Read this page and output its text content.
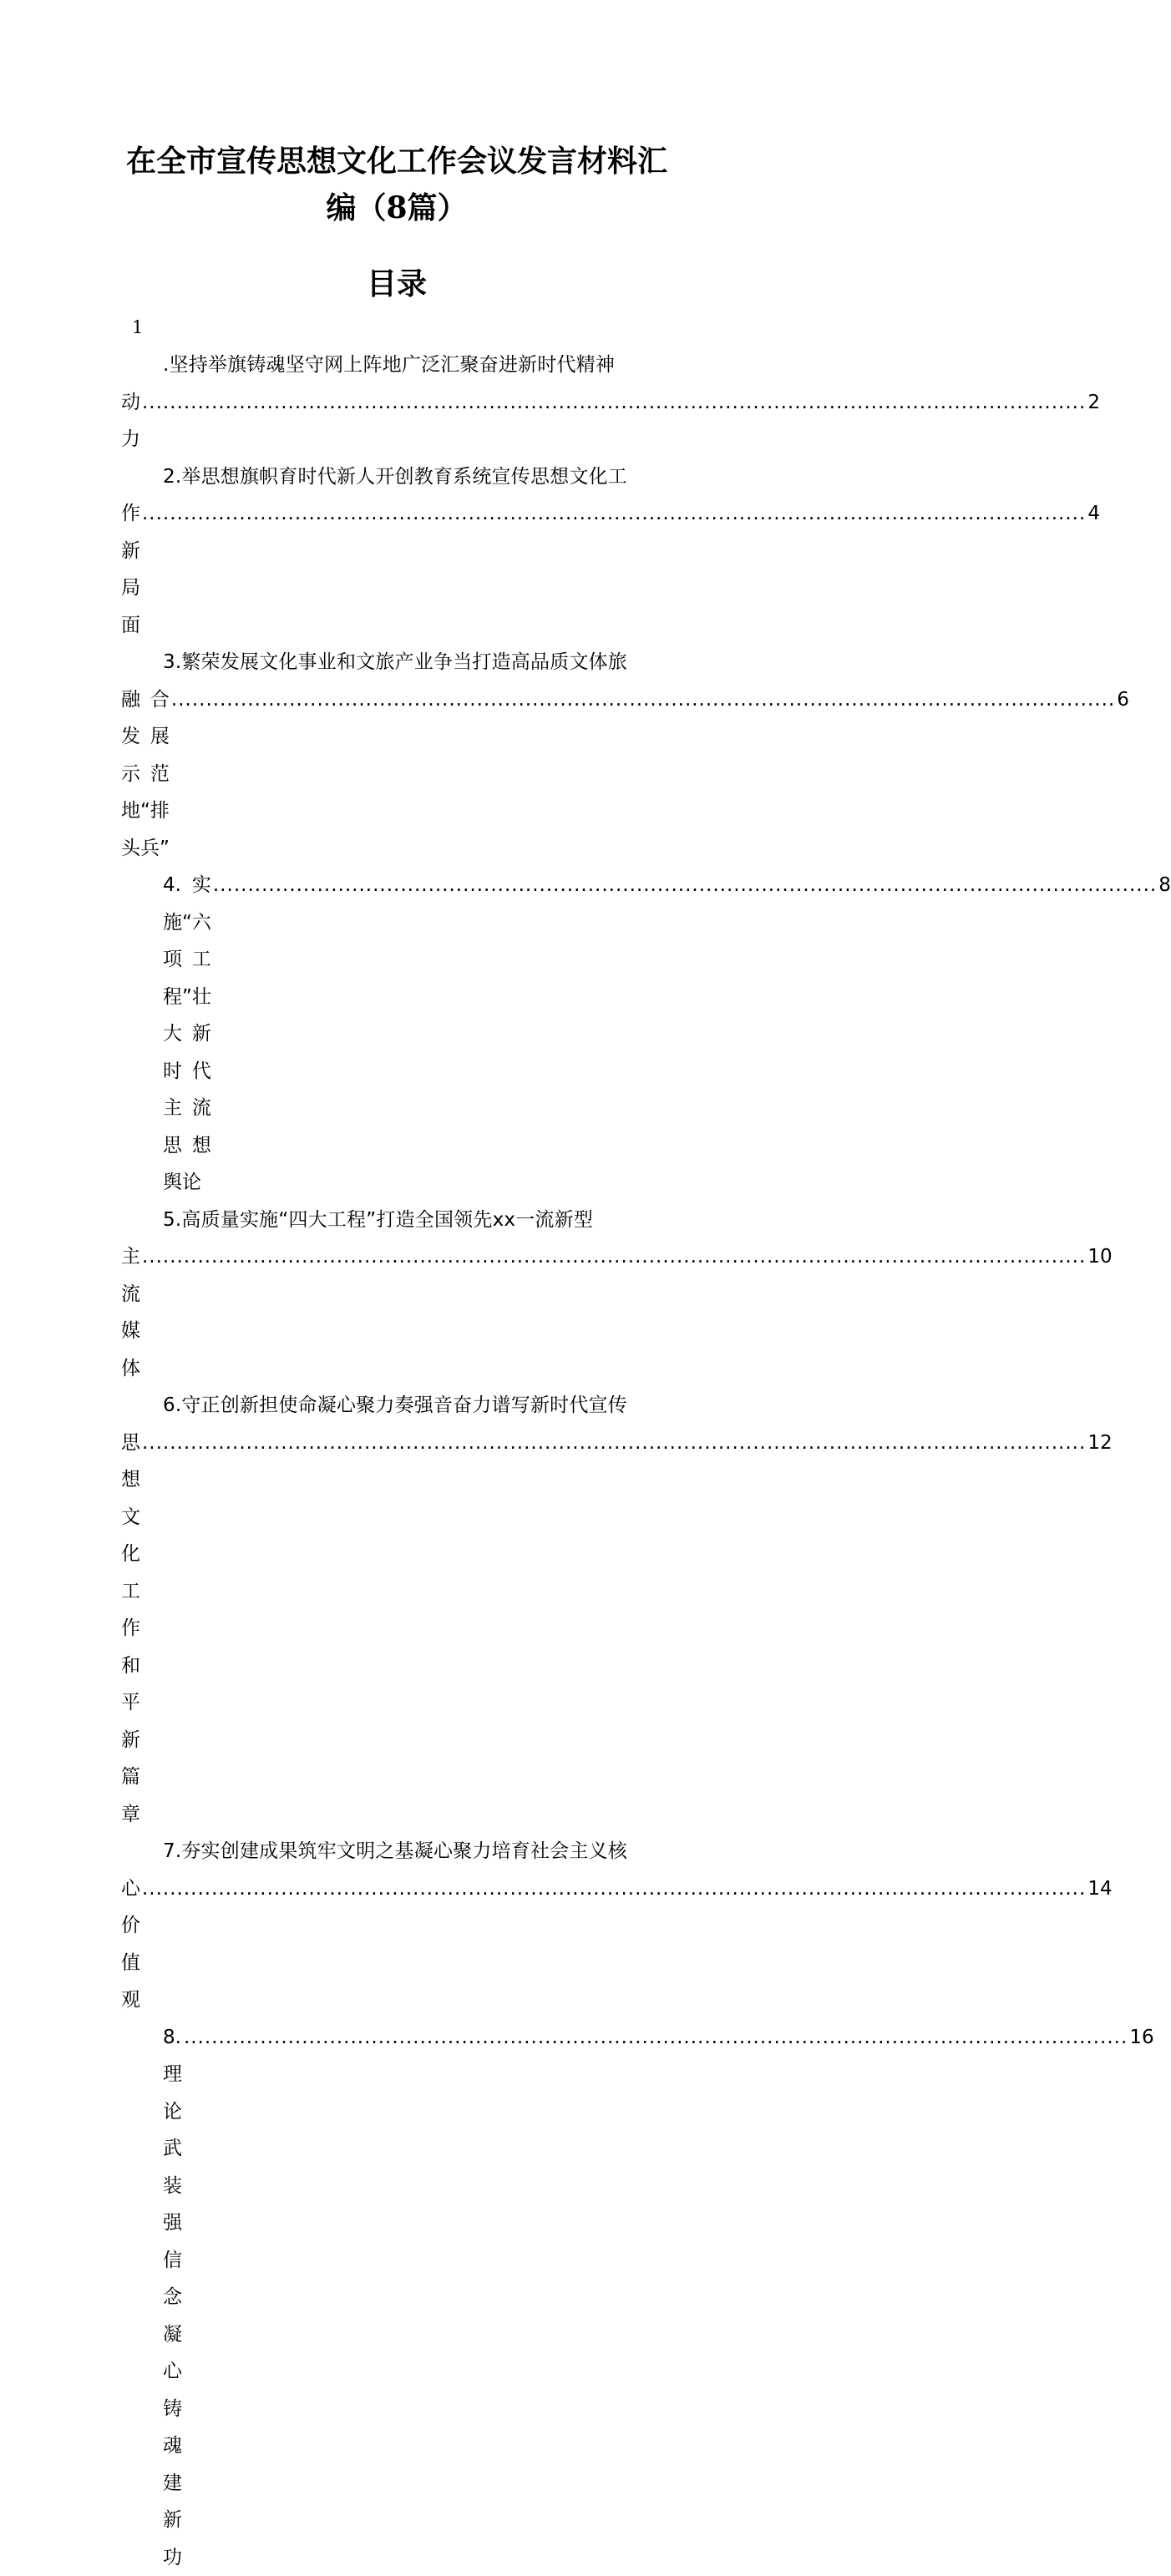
在全市宣传思想文化工作会议发言材料汇
编（8篇）
目录
1
.坚持举旗铸魂坚守网上阵地广泛汇聚奋进新时代精神
动力
........................................................................................................................................ 2
2.举思想旗帜育时代新人开创教育系统宣传思想文化工
作新局面
........................................................................................................................................ 4
3.繁荣发展文化事业和文旅产业争当打造高品质文体旅
融合发展示范地“排头兵”
........................................................................................................................................ 6
4.实施“六项工程”壮大新时代主流思想舆论
........................................................................................................................................ 8
5.高质量实施“四大工程”打造全国领先xx一流新型
主流媒体
........................................................................................................................................ 10
6.守正创新担使命凝心聚力奏强音奋力谱写新时代宣传
思想文化工作和平新篇章
........................................................................................................................................ 12
7.夯实创建成果筑牢文明之基凝心聚力培育社会主义核
心价值观
........................................................................................................................................ 14
8.理论武装强信念凝心铸魂建新功
........................................................................................................................................ 16
